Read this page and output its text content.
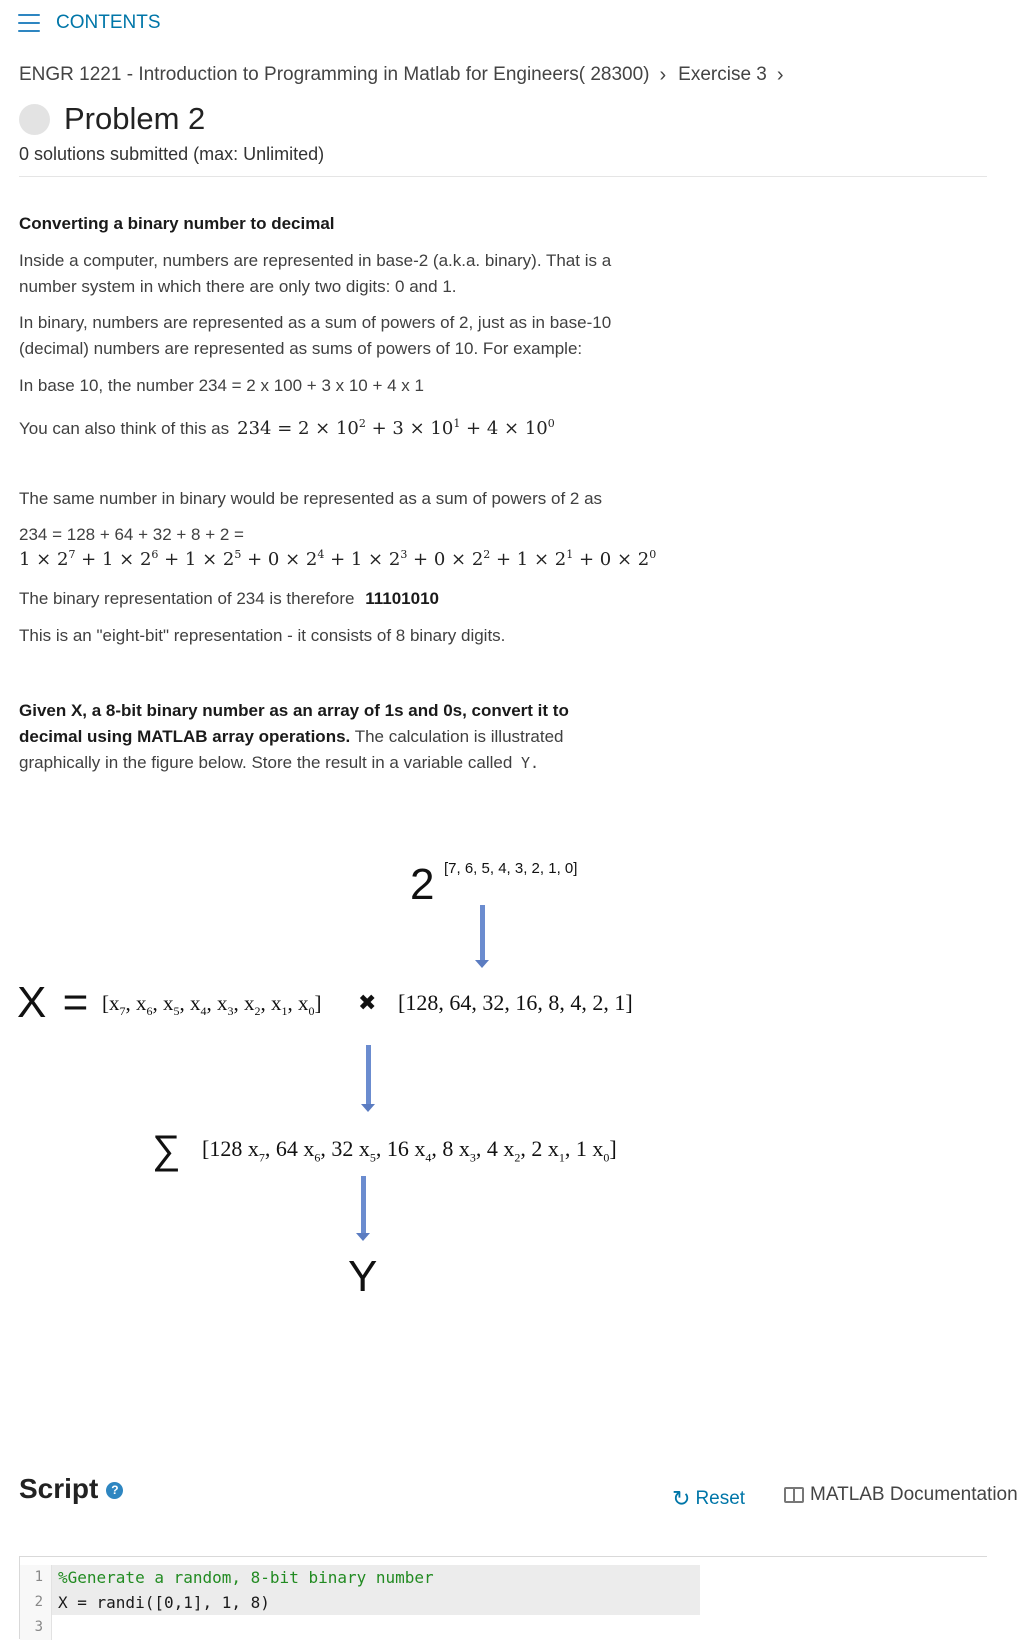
CONTENTS
ENGR 1221 - Introduction to Programming in Matlab for Engineers( 28300) › Exercise 3 ›
Problem 2
0 solutions submitted (max: Unlimited)
Converting a binary number to decimal
Inside a computer, numbers are represented in base-2 (a.k.a. binary). That is a number system in which there are only two digits: 0 and 1.
In binary, numbers are represented as a sum of powers of 2, just as in base-10 (decimal) numbers are represented as sums of powers of 10. For example:
In base 10, the number 234 = 2 x 100 + 3 x 10 + 4 x 1
You can also think of this as $234 = 2 \times 10^2 + 3 \times 10^1 + 4 \times 10^0$
The same number in binary would be represented as a sum of powers of 2 as
234 = 128 + 64 + 32 + 8 + 2 =
$1 \times 2^7 + 1 \times 2^6 + 1 \times 2^5 + 0 \times 2^4 + 1 \times 2^3 + 0 \times 2^2 + 1 \times 2^1 + 0 \times 2^0$
The binary representation of 234 is therefore 11101010
This is an "eight-bit" representation - it consists of 8 binary digits.
Given X, a 8-bit binary number as an array of 1s and 0s, convert it to decimal using MATLAB array operations. The calculation is illustrated graphically in the figure below. Store the result in a variable called Y.
2 [7, 6, 5, 4, 3, 2, 1, 0]
$X = [x_7$, $x_6$, $x_5$, $x_4$, $x_3$, $x_2$, $x_1$, $x_0$] ✖ [128, 64, 32, 16, 8, 4, 2, 1]
∑ [128 $x_7$, 64 $x_6$, 32 $x_5$, 16 $x_4$, 8 $x_3$, 4 $x_2$, 2 $x_1$, 1 $x_0$]
Y
Script	?	↻ Reset	MATLAB Documentation
1 %Generate a random, 8-bit binary number
2 X = randi([0,1], 1, 8)
3
